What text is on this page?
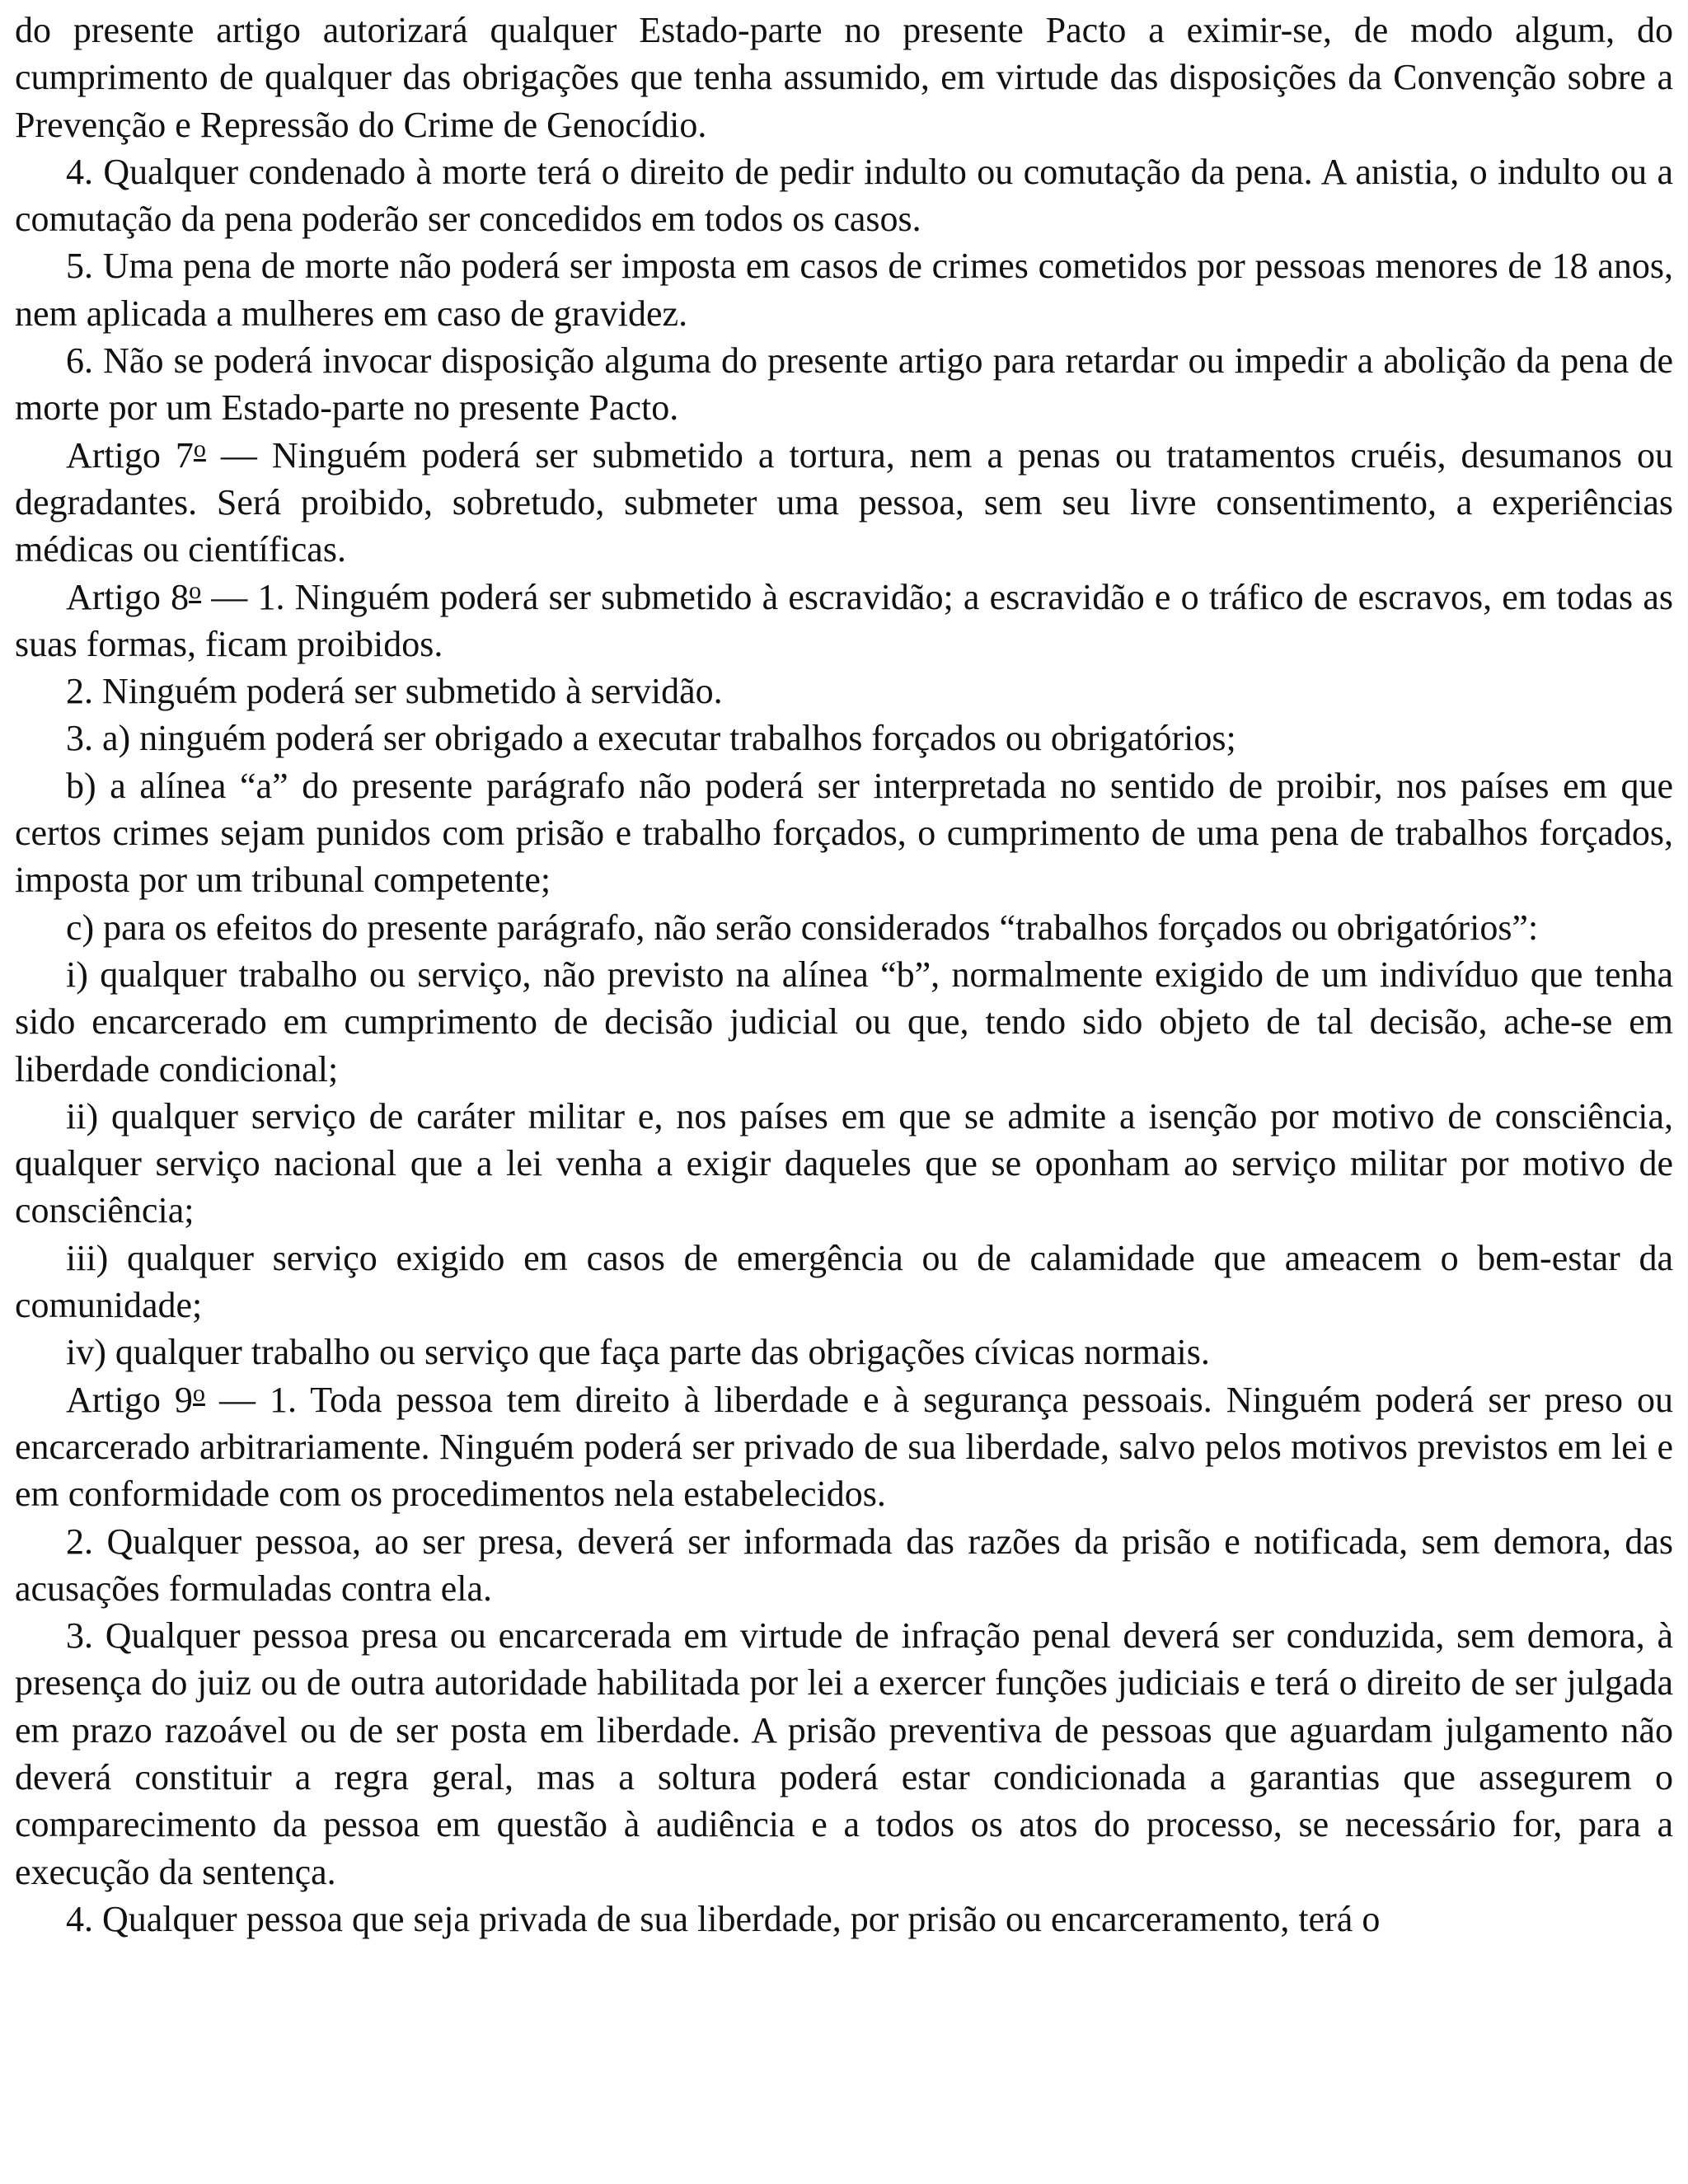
do presente artigo autorizará qualquer Estado-parte no presente Pacto a eximir-se, de modo algum, do cumprimento de qualquer das obrigações que tenha assumido, em virtude das disposições da Convenção sobre a Prevenção e Repressão do Crime de Genocídio.

4. Qualquer condenado à morte terá o direito de pedir indulto ou comutação da pena. A anistia, o indulto ou a comutação da pena poderão ser concedidos em todos os casos.

5. Uma pena de morte não poderá ser imposta em casos de crimes cometidos por pessoas menores de 18 anos, nem aplicada a mulheres em caso de gravidez.

6. Não se poderá invocar disposição alguma do presente artigo para retardar ou impedir a abolição da pena de morte por um Estado-parte no presente Pacto.

Artigo 7$^o$ — Ninguém poderá ser submetido a tortura, nem a penas ou tratamentos cruéis, desumanos ou degradantes. Será proibido, sobretudo, submeter uma pessoa, sem seu livre consentimento, a experiências médicas ou científicas.

Artigo 8$^o$ — 1. Ninguém poderá ser submetido à escravidão; a escravidão e o tráfico de escravos, em todas as suas formas, ficam proibidos.

2. Ninguém poderá ser submetido à servidão.

3. a) ninguém poderá ser obrigado a executar trabalhos forçados ou obrigatórios;

b) a alínea “a” do presente parágrafo não poderá ser interpretada no sentido de proibir, nos países em que certos crimes sejam punidos com prisão e trabalho forçados, o cumprimento de uma pena de trabalhos forçados, imposta por um tribunal competente;

c) para os efeitos do presente parágrafo, não serão considerados “trabalhos forçados ou obrigatórios”:

i) qualquer trabalho ou serviço, não previsto na alínea “b”, normalmente exigido de um indivíduo que tenha sido encarcerado em cumprimento de decisão judicial ou que, tendo sido objeto de tal decisão, ache-se em liberdade condicional;

ii) qualquer serviço de caráter militar e, nos países em que se admite a isenção por motivo de consciência, qualquer serviço nacional que a lei venha a exigir daqueles que se oponham ao serviço militar por motivo de consciência;

iii) qualquer serviço exigido em casos de emergência ou de calamidade que ameacem o bem-estar da comunidade;

iv) qualquer trabalho ou serviço que faça parte das obrigações cívicas normais.

Artigo 9$^o$ — 1. Toda pessoa tem direito à liberdade e à segurança pessoais. Ninguém poderá ser preso ou encarcerado arbitrariamente. Ninguém poderá ser privado de sua liberdade, salvo pelos motivos previstos em lei e em conformidade com os procedimentos nela estabelecidos.

2. Qualquer pessoa, ao ser presa, deverá ser informada das razões da prisão e notificada, sem demora, das acusações formuladas contra ela.

3. Qualquer pessoa presa ou encarcerada em virtude de infração penal deverá ser conduzida, sem demora, à presença do juiz ou de outra autoridade habilitada por lei a exercer funções judiciais e terá o direito de ser julgada em prazo razoável ou de ser posta em liberdade. A prisão preventiva de pessoas que aguardam julgamento não deverá constituir a regra geral, mas a soltura poderá estar condicionada a garantias que assegurem o comparecimento da pessoa em questão à audiência e a todos os atos do processo, se necessário for, para a execução da sentença.

4. Qualquer pessoa que seja privada de sua liberdade, por prisão ou encarceramento, terá o
